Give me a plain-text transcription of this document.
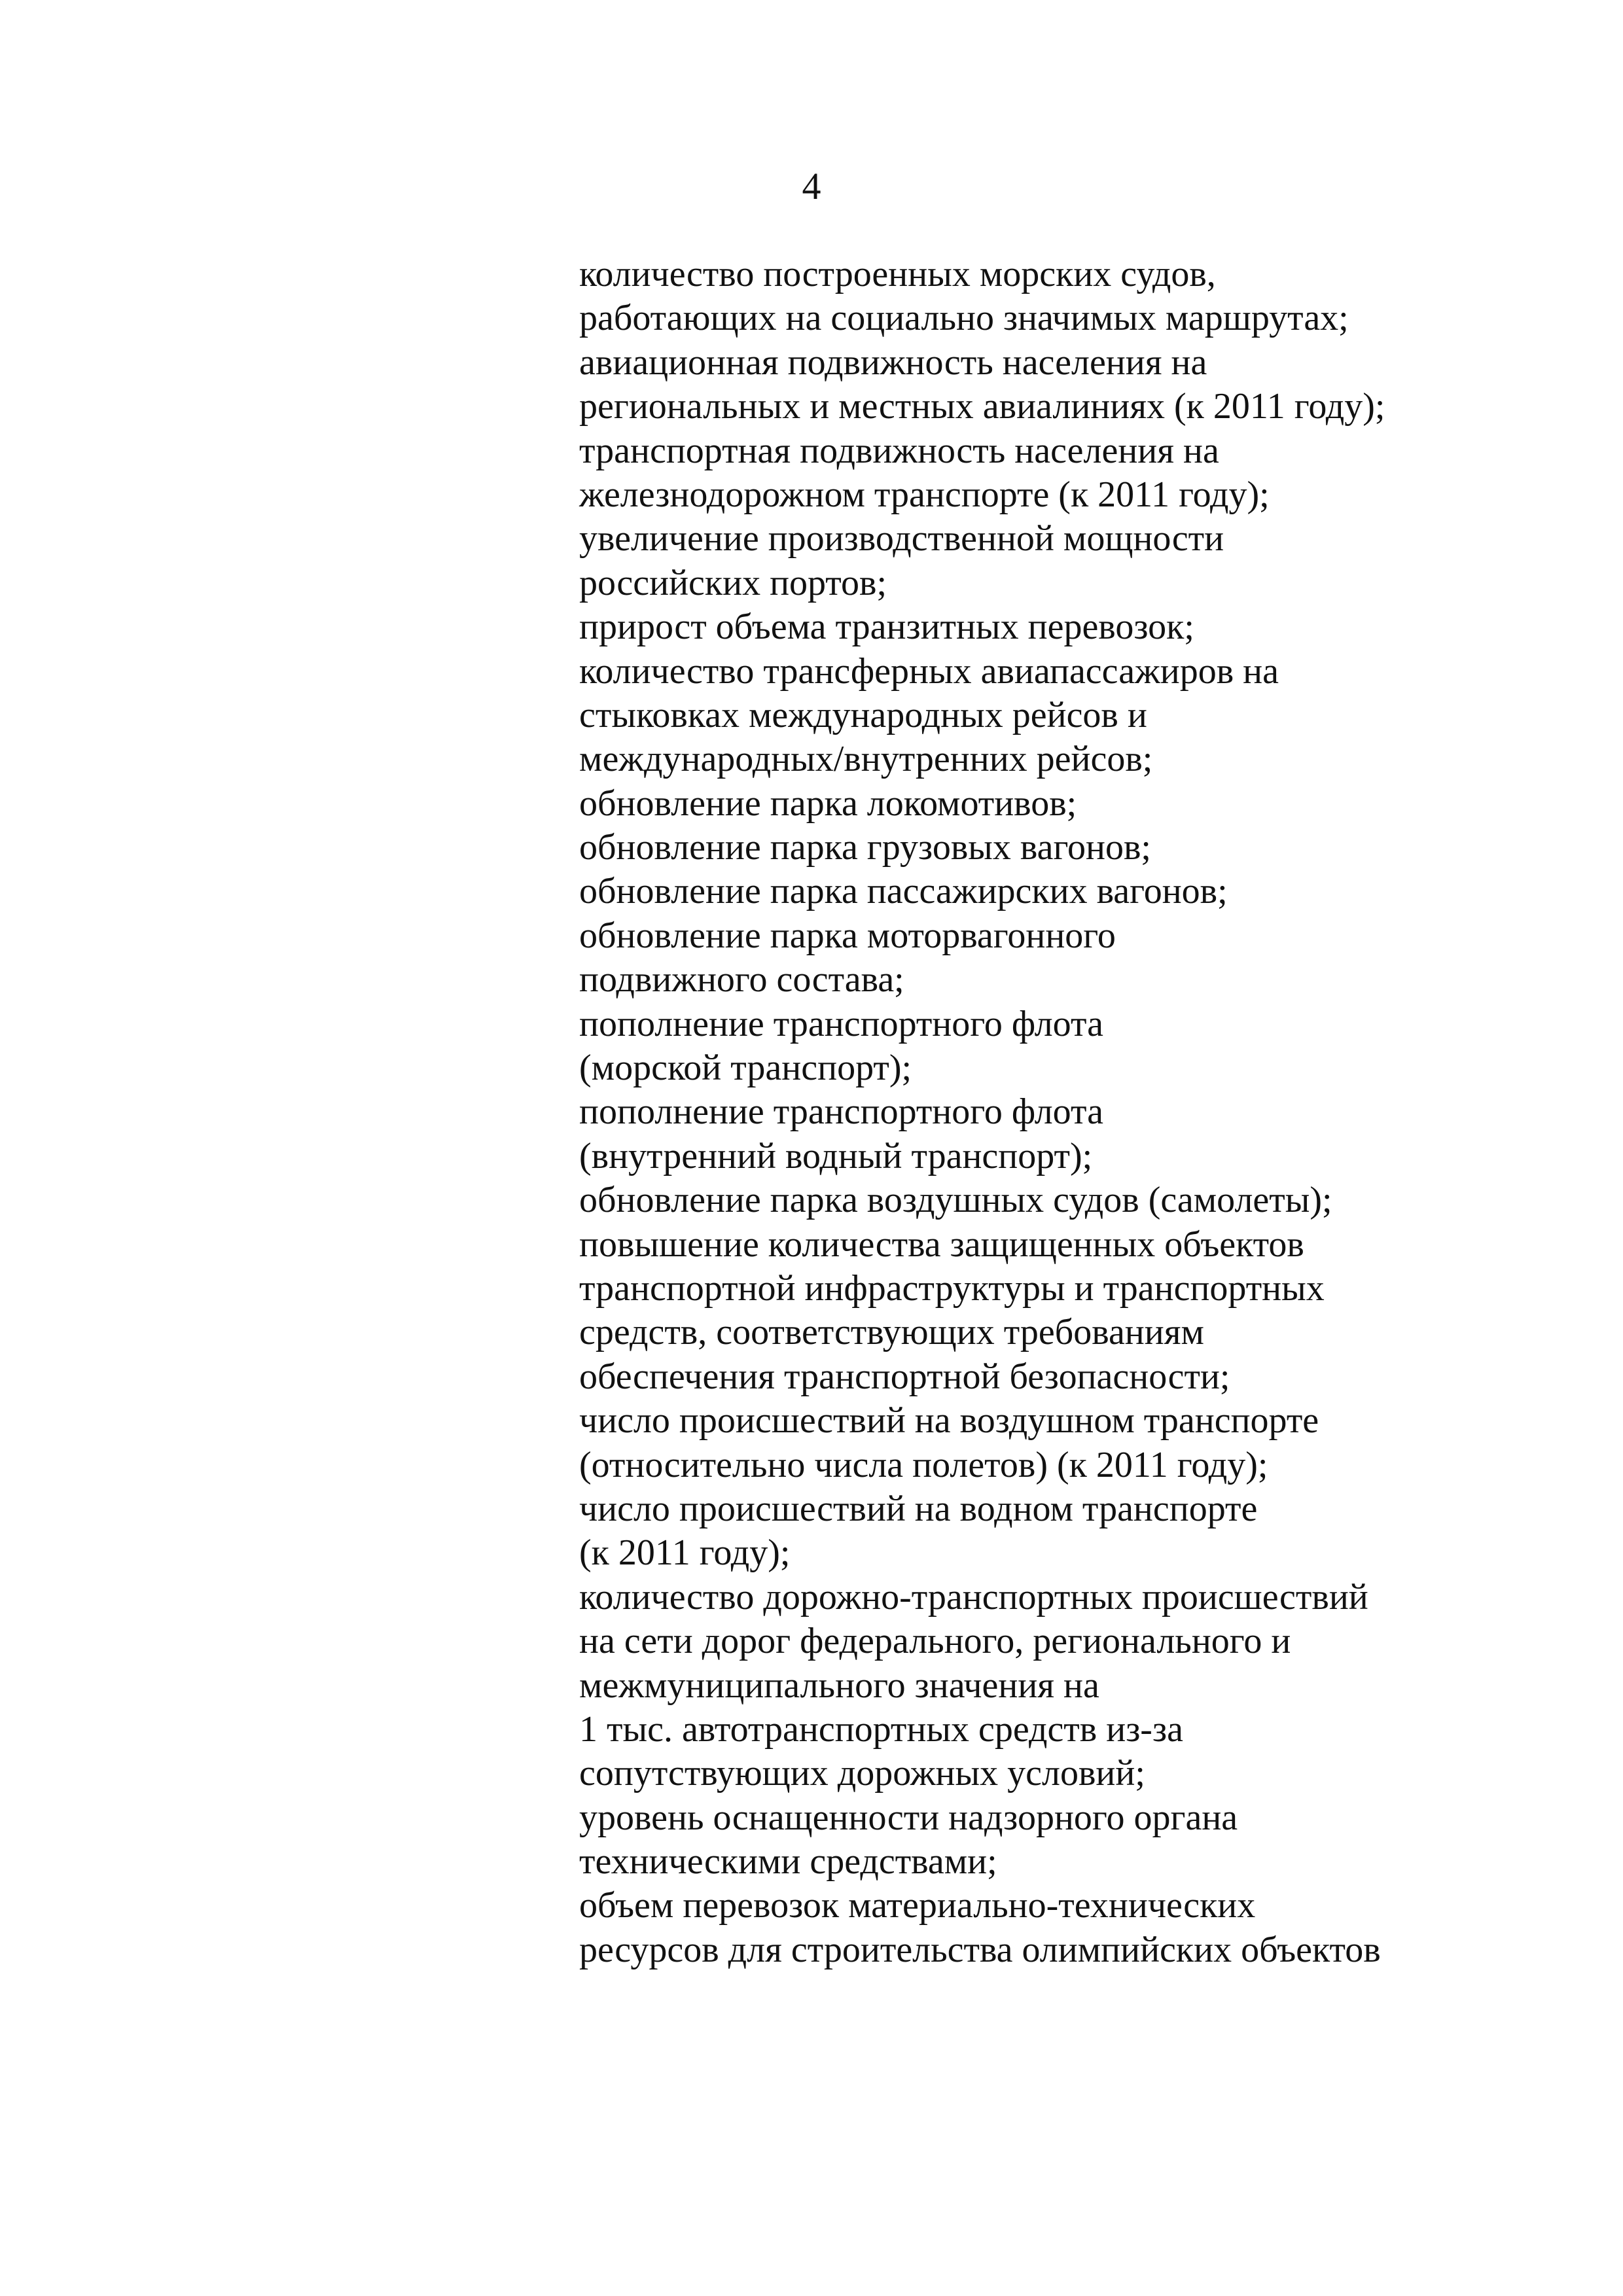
4
количество построенных морских судов,
работающих на социально значимых маршрутах;
авиационная подвижность населения на
региональных и местных авиалиниях (к 2011 году);
транспортная подвижность населения на
железнодорожном транспорте (к 2011 году);
увеличение производственной мощности
российских портов;
прирост объема транзитных перевозок;
количество трансферных авиапассажиров на
стыковках международных рейсов и
международных/внутренних рейсов;
обновление парка локомотивов;
обновление парка грузовых вагонов;
обновление парка пассажирских вагонов;
обновление парка моторвагонного
подвижного состава;
пополнение транспортного флота
(морской транспорт);
пополнение транспортного флота
(внутренний водный транспорт);
обновление парка воздушных судов (самолеты);
повышение количества защищенных объектов
транспортной инфраструктуры и транспортных
средств, соответствующих требованиям
обеспечения транспортной безопасности;
число происшествий на воздушном транспорте
(относительно числа полетов) (к 2011 году);
число происшествий на водном транспорте
(к 2011 году);
количество дорожно-транспортных происшествий
на сети дорог федерального, регионального и
межмуниципального значения на
1 тыс. автотранспортных средств из-за
сопутствующих дорожных условий;
уровень оснащенности надзорного органа
техническими средствами;
объем перевозок материально-технических
ресурсов для строительства олимпийских объектов
